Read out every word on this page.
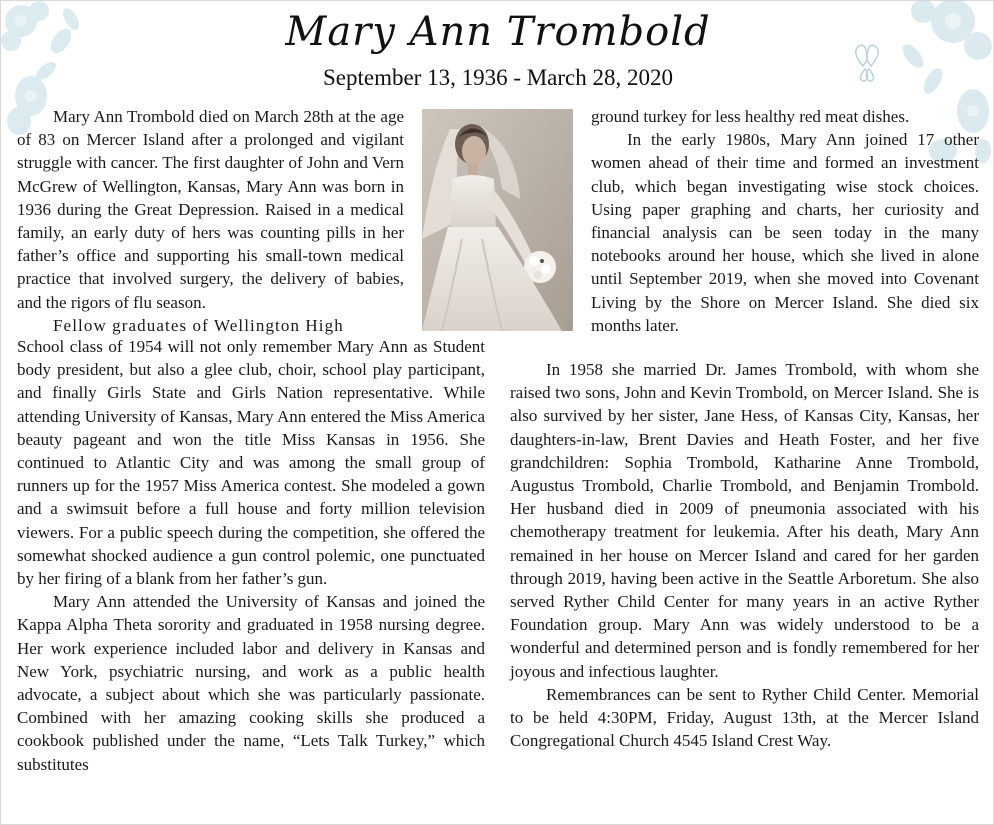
Mary Ann Trombold
September 13, 1936 - March 28, 2020

Mary Ann Trombold died on March 28th at the age of 83 on Mercer Island after a prolonged and vigilant struggle with cancer. The first daughter of John and Vern McGrew of Wellington, Kansas, Mary Ann was born in 1936 during the Great Depression. Raised in a medical family, an early duty of hers was counting pills in her father’s office and supporting his small-town medical practice that involved surgery, the delivery of babies, and the rigors of flu season.

Fellow graduates of Wellington High

School class of 1954 will not only remember Mary Ann as Student body president, but also a glee club, choir, school play participant, and finally Girls State and Girls Nation representative. While attending University of Kansas, Mary Ann entered the Miss America beauty pageant and won the title Miss Kansas in 1956. She continued to Atlantic City and was among the small group of runners up for the 1957 Miss America contest. She modeled a gown and a swimsuit before a full house and forty million television viewers. For a public speech during the competition, she offered the somewhat shocked audience a gun control polemic, one punctuated by her firing of a blank from her father’s gun.

Mary Ann attended the University of Kansas and joined the Kappa Alpha Theta sorority and graduated in 1958 nursing degree. Her work experience included labor and delivery in Kansas and New York, psychiatric nursing, and work as a public health advocate, a subject about which she was particularly passionate. Combined with her amazing cooking skills she produced a cookbook published under the name, “Lets Talk Turkey,” which substitutes

ground turkey for less healthy red meat dishes.

In the early 1980s, Mary Ann joined 17 other women ahead of their time and formed an investment club, which began investigating wise stock choices. Using paper graphing and charts, her curiosity and financial analysis can be seen today in the many notebooks around her house, which she lived in alone until September 2019, when she moved into Covenant Living by the Shore on Mercer Island. She died six months later.

In 1958 she married Dr. James Trombold, with whom she raised two sons, John and Kevin Trombold, on Mercer Island. She is also survived by her sister, Jane Hess, of Kansas City, Kansas, her daughters-in-law, Brent Davies and Heath Foster, and her five grandchildren: Sophia Trombold, Katharine Anne Trombold, Augustus Trombold, Charlie Trombold, and Benjamin Trombold. Her husband died in 2009 of pneumonia associated with his chemotherapy treatment for leukemia. After his death, Mary Ann remained in her house on Mercer Island and cared for her garden through 2019, having been active in the Seattle Arboretum. She also served Ryther Child Center for many years in an active Ryther Foundation group. Mary Ann was widely understood to be a wonderful and determined person and is fondly remembered for her joyous and infectious laughter.

Remembrances can be sent to Ryther Child Center. Memorial to be held 4:30PM, Friday, August 13th, at the Mercer Island Congregational Church 4545 Island Crest Way.
